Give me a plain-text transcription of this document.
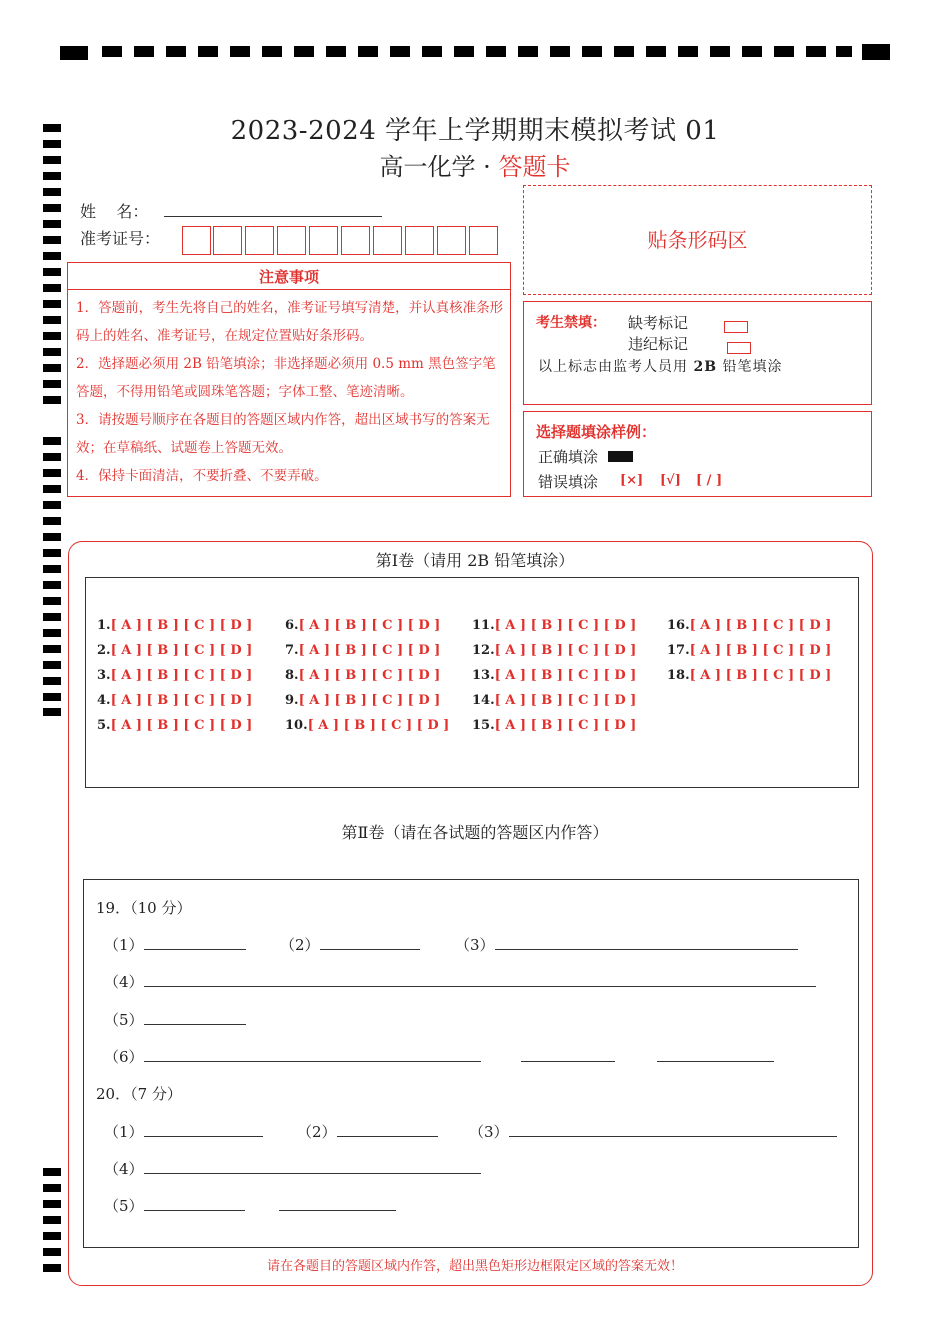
2023-2024 学年上学期期末模拟考试 01
高一化学 · 答题卡
姓    名：
准考证号：	贴条形码区
注意事项
1．答题前，考生先将自己的姓名，准考证号填写清楚，并认真核准条形码上的姓名、准考证号，在规定位置贴好条形码。
2．选择题必须用 2B 铅笔填涂；非选择题必须用 0.5 mm 黑色签字笔答题，不得用铅笔或圆珠笔答题；字体工整、笔迹清晰。
3．请按题号顺序在各题目的答题区域内作答，超出区域书写的答案无效；在草稿纸、试题卷上答题无效。
4．保持卡面清洁，不要折叠、不要弄破。
考生禁填： 缺考标记
违纪标记
以上标志由监考人员用 2B 铅笔填涂
选择题填涂样例：
正确填涂
错误填涂 [×] [√] [ / ]
第Ⅰ卷（请用 2B 铅笔填涂）
1.[ A ] [ B ] [ C ] [ D ]
2.[ A ] [ B ] [ C ] [ D ]
3.[ A ] [ B ] [ C ] [ D ]
4.[ A ] [ B ] [ C ] [ D ]
5.[ A ] [ B ] [ C ] [ D ]
6.[ A ] [ B ] [ C ] [ D ]
7.[ A ] [ B ] [ C ] [ D ]
8.[ A ] [ B ] [ C ] [ D ]
9.[ A ] [ B ] [ C ] [ D ]
10.[ A ] [ B ] [ C ] [ D ]
11.[ A ] [ B ] [ C ] [ D ]
12.[ A ] [ B ] [ C ] [ D ]
13.[ A ] [ B ] [ C ] [ D ]
14.[ A ] [ B ] [ C ] [ D ]
15.[ A ] [ B ] [ C ] [ D ]
16.[ A ] [ B ] [ C ] [ D ]
17.[ A ] [ B ] [ C ] [ D ]
18.[ A ] [ B ] [ C ] [ D ]
第Ⅱ卷（请在各试题的答题区内作答）
19．（10 分）
（1）	（2）	（3）
（4）
（5）
（6）
20．（7 分）
（1）	（2）	（3）
（4）
（5）
请在各题目的答题区域内作答，超出黑色矩形边框限定区域的答案无效！
